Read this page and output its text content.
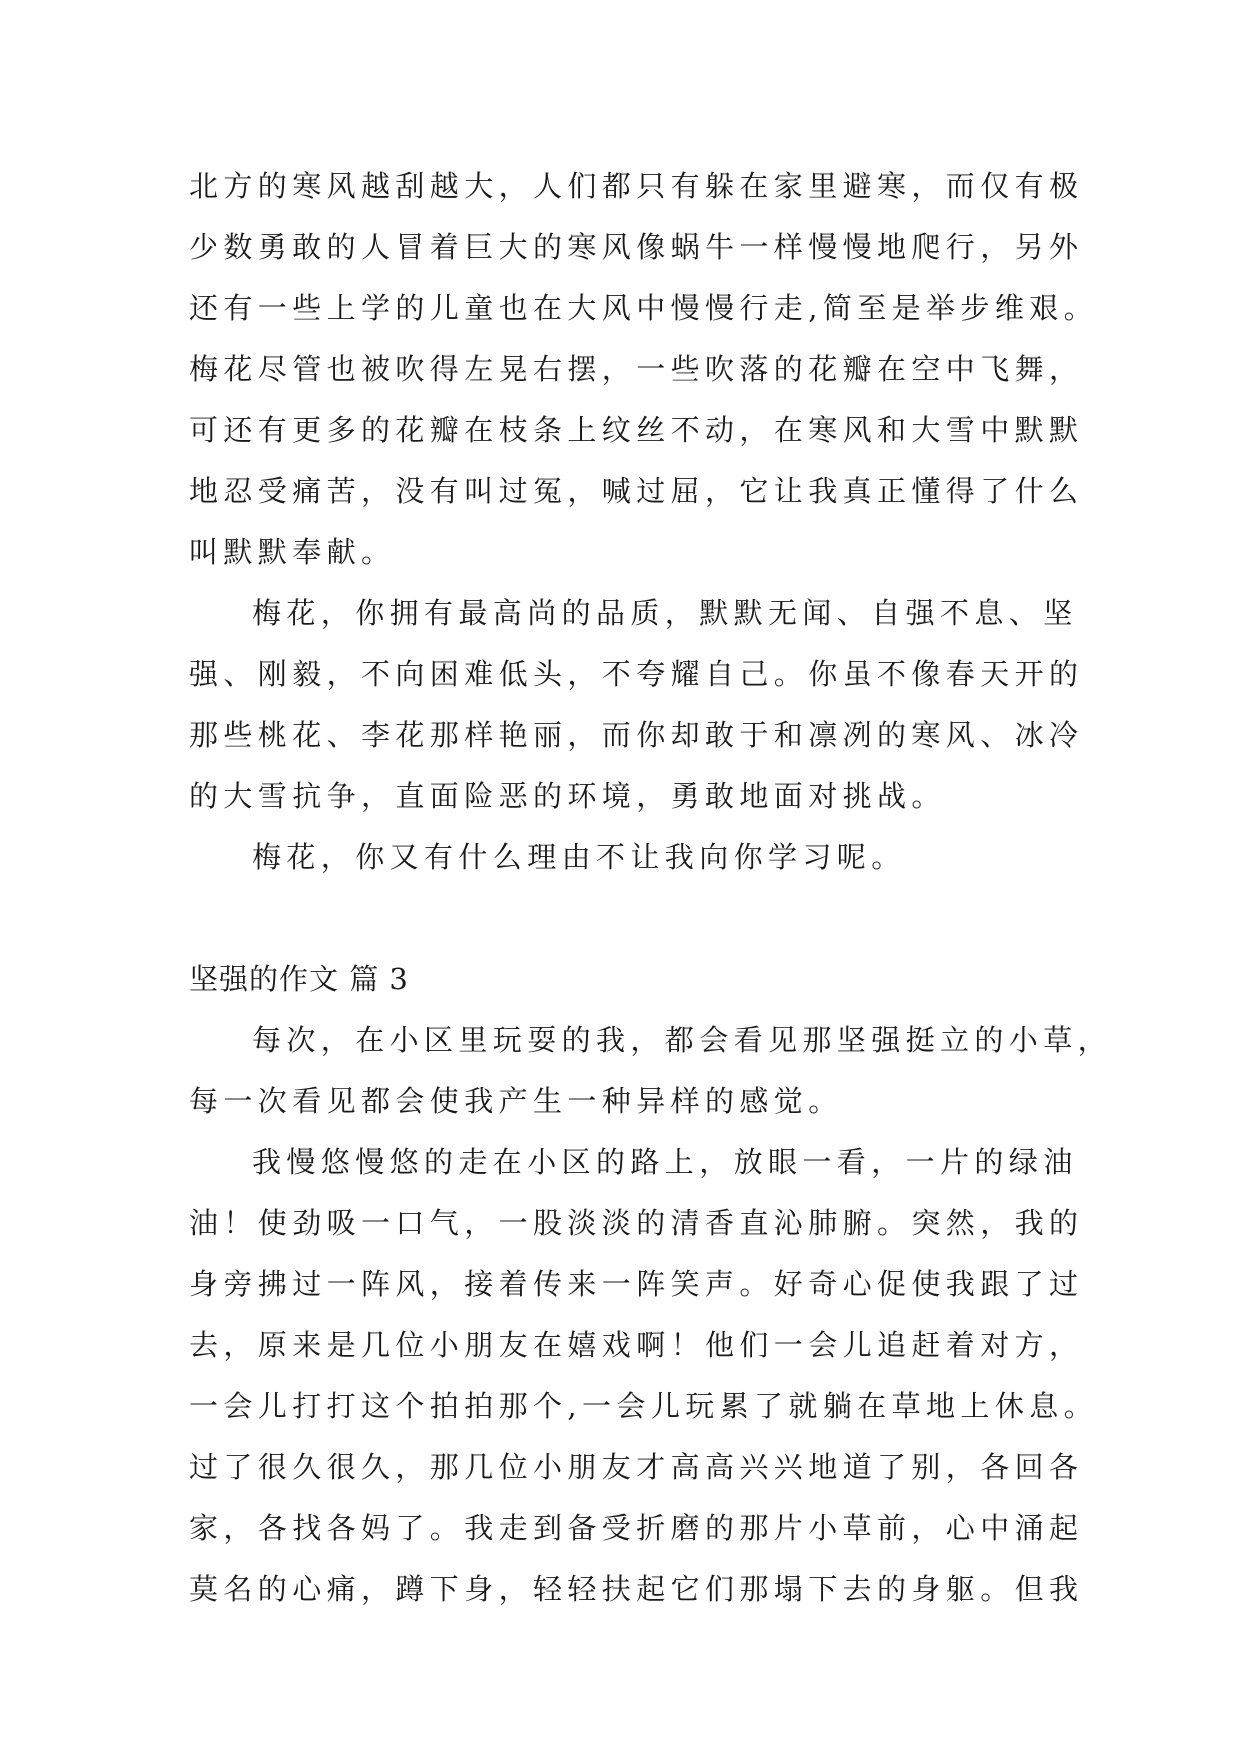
北方的寒风越刮越大，人们都只有躲在家里避寒，而仅有极
少数勇敢的人冒着巨大的寒风像蜗牛一样慢慢地爬行，另外
还有一些上学的儿童也在大风中慢慢行走,简至是举步维艰。
梅花尽管也被吹得左晃右摆，一些吹落的花瓣在空中飞舞，
可还有更多的花瓣在枝条上纹丝不动，在寒风和大雪中默默
地忍受痛苦，没有叫过冤，喊过屈，它让我真正懂得了什么
叫默默奉献。
梅花，你拥有最高尚的品质，默默无闻、自强不息、坚
强、刚毅，不向困难低头，不夸耀自己。你虽不像春天开的
那些桃花、李花那样艳丽，而你却敢于和凛冽的寒风、冰冷
的大雪抗争，直面险恶的环境，勇敢地面对挑战。
梅花，你又有什么理由不让我向你学习呢。
坚强的作文 篇 3
每次，在小区里玩耍的我，都会看见那坚强挺立的小草，
每一次看见都会使我产生一种异样的感觉。
我慢悠慢悠的走在小区的路上，放眼一看，一片的绿油
油！使劲吸一口气，一股淡淡的清香直沁肺腑。突然，我的
身旁拂过一阵风，接着传来一阵笑声。好奇心促使我跟了过
去，原来是几位小朋友在嬉戏啊！他们一会儿追赶着对方，
一会儿打打这个拍拍那个,一会儿玩累了就躺在草地上休息。
过了很久很久，那几位小朋友才高高兴兴地道了别，各回各
家，各找各妈了。我走到备受折磨的那片小草前，心中涌起
莫名的心痛，蹲下身，轻轻扶起它们那塌下去的身躯。但我
